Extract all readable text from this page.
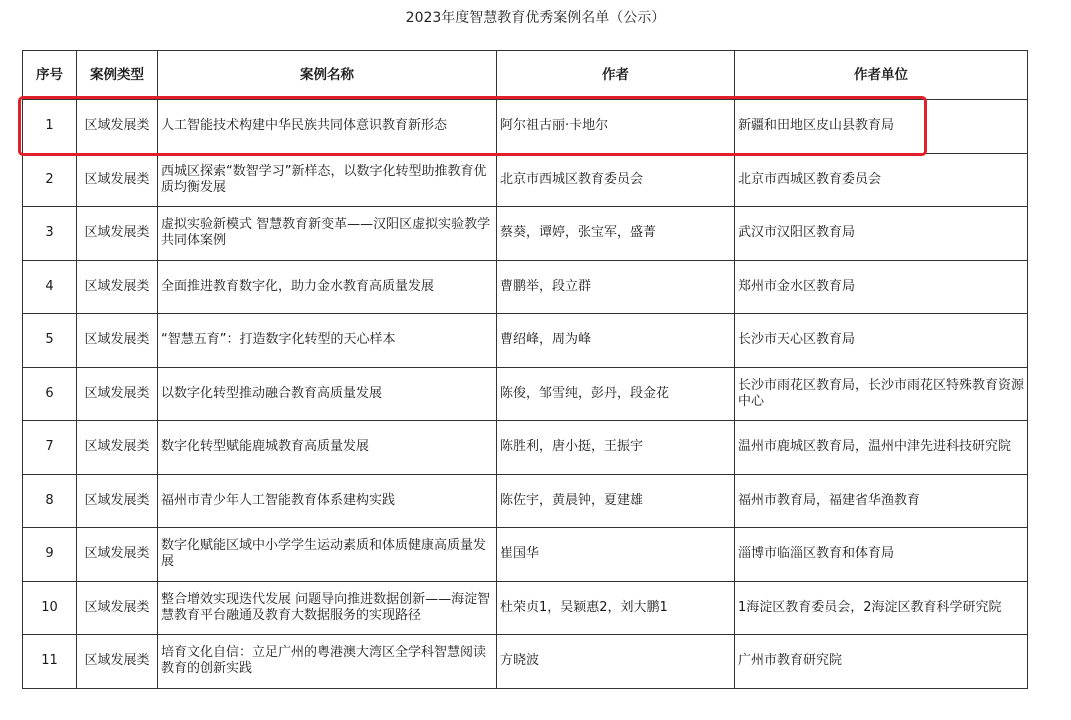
2023年度智慧教育优秀案例名单（公示）
序号	案例类型	案例名称	作者	作者单位
1	区域发展类	人工智能技术构建中华民族共同体意识教育新形态	阿尔祖古丽·卡地尔	新疆和田地区皮山县教育局
2	区域发展类	西城区探索“数智学习”新样态，以数字化转型助推教育优质均衡发展	北京市西城区教育委员会	北京市西城区教育委员会
3	区域发展类	虚拟实验新模式 智慧教育新变革——汉阳区虚拟实验教学共同体案例	蔡葵，谭婷，张宝军，盛菁	武汉市汉阳区教育局
4	区域发展类	全面推进教育数字化，助力金水教育高质量发展	曹鹏举，段立群	郑州市金水区教育局
5	区域发展类	“智慧五育”：打造数字化转型的天心样本	曹绍峰，周为峰	长沙市天心区教育局
6	区域发展类	以数字化转型推动融合教育高质量发展	陈俊，邹雪纯，彭丹，段金花	长沙市雨花区教育局，长沙市雨花区特殊教育资源中心
7	区域发展类	数字化转型赋能鹿城教育高质量发展	陈胜利，唐小挺，王振宇	温州市鹿城区教育局，温州中津先进科技研究院
8	区域发展类	福州市青少年人工智能教育体系建构实践	陈佐宇，黄晨钟，夏建雄	福州市教育局，福建省华渔教育
9	区域发展类	数字化赋能区域中小学学生运动素质和体质健康高质量发展	崔国华	淄博市临淄区教育和体育局
10	区域发展类	整合增效实现迭代发展 问题导向推进数据创新——海淀智慧教育平台融通及教育大数据服务的实现路径	杜荣贞1，吴颖惠2，刘大鹏1	1海淀区教育委员会，2海淀区教育科学研究院
11	区域发展类	培育文化自信：立足广州的粤港澳大湾区全学科智慧阅读教育的创新实践	方晓波	广州市教育研究院
